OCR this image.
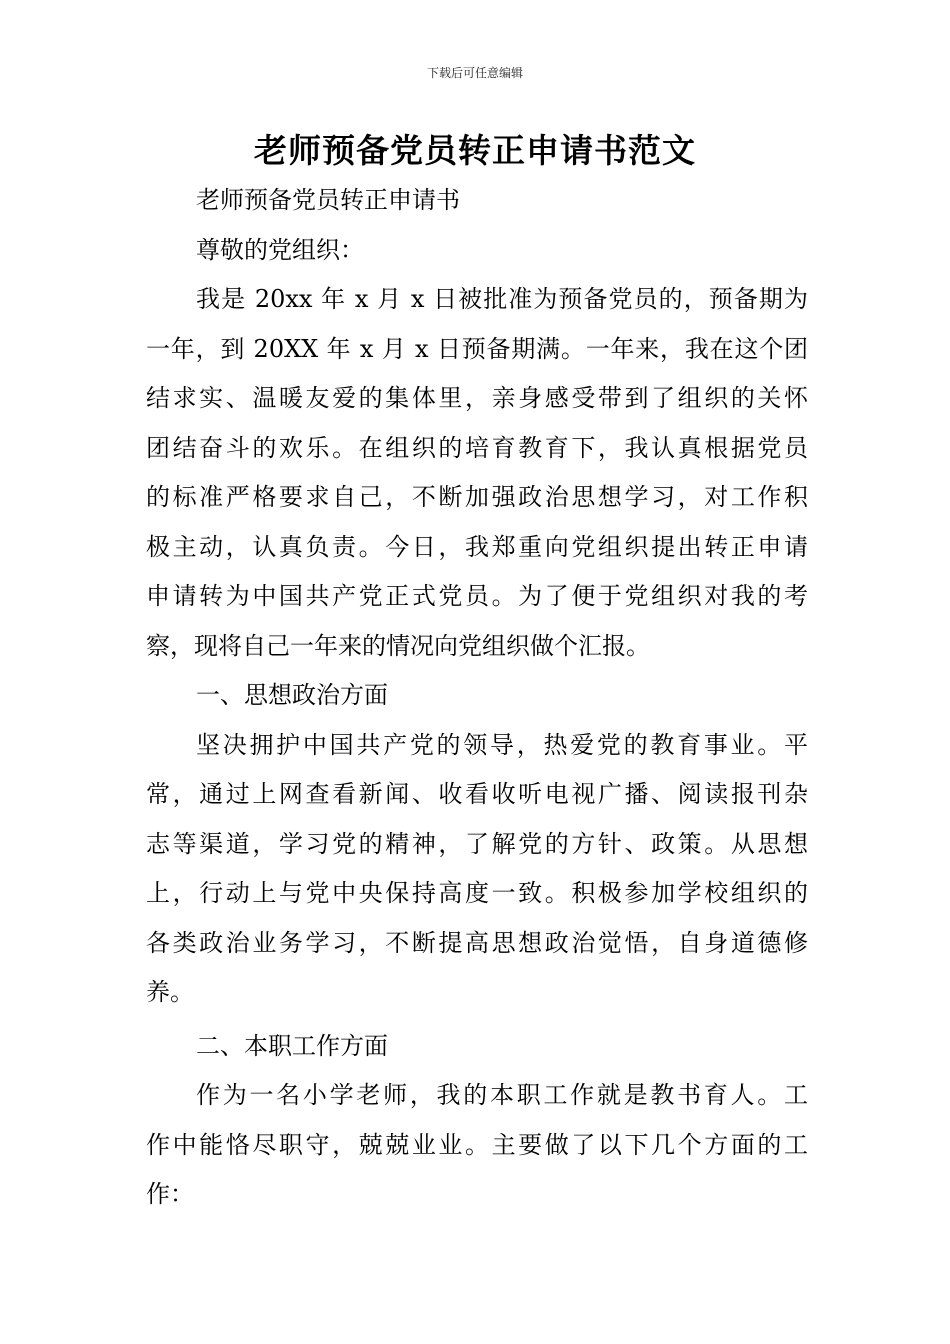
下载后可任意编辑
老师预备党员转正申请书范文

老师预备党员转正申请书

尊敬的党组织：

我是 20xx 年 x 月 x 日被批准为预备党员的，预备期为

一年，到 20XX 年 x 月 x 日预备期满。一年来，我在这个团

结求实、温暖友爱的集体里，亲身感受带到了组织的关怀

团结奋斗的欢乐。在组织的培育教育下，我认真根据党员

的标准严格要求自己，不断加强政治思想学习，对工作积

极主动，认真负责。今日，我郑重向党组织提出转正申请

申请转为中国共产党正式党员。为了便于党组织对我的考

察，现将自己一年来的情况向党组织做个汇报。

一、思想政治方面

坚决拥护中国共产党的领导，热爱党的教育事业。平

常，通过上网查看新闻、收看收听电视广播、阅读报刊杂

志等渠道，学习党的精神，了解党的方针、政策。从思想

上，行动上与党中央保持高度一致。积极参加学校组织的

各类政治业务学习，不断提高思想政治觉悟，自身道德修

养。

二、本职工作方面

作为一名小学老师，我的本职工作就是教书育人。工

作中能恪尽职守，兢兢业业。主要做了以下几个方面的工

作：
